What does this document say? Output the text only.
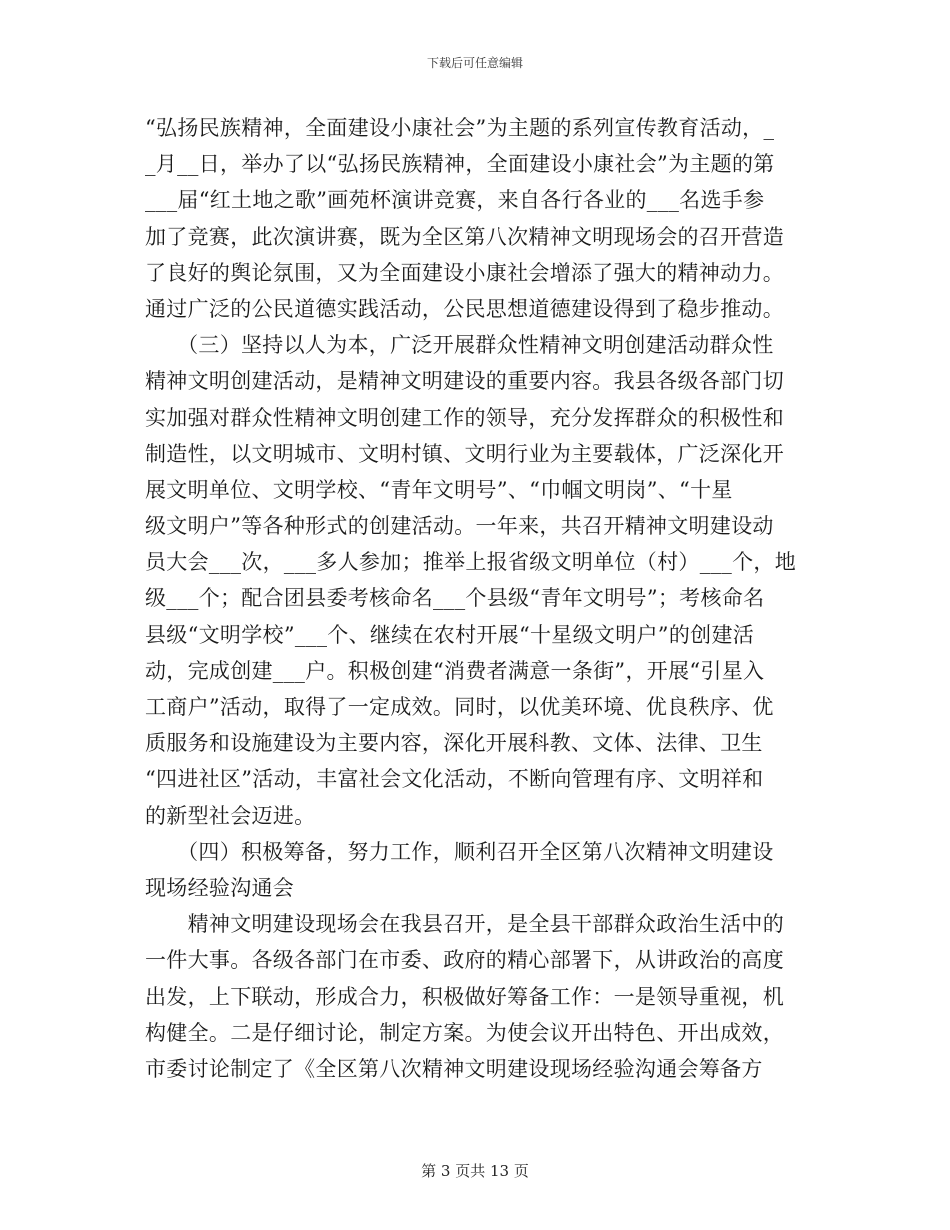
下载后可任意编辑
“弘扬民族精神，全面建设小康社会”为主题的系列宣传教育活动，_
_月__日，举办了以“弘扬民族精神，全面建设小康社会”为主题的第
___届“红土地之歌”画苑杯演讲竞赛，来自各行各业的___名选手参
加了竞赛，此次演讲赛，既为全区第八次精神文明现场会的召开营造
了良好的舆论氛围，又为全面建设小康社会增添了强大的精神动力。
通过广泛的公民道德实践活动，公民思想道德建设得到了稳步推动。
　　（三）坚持以人为本，广泛开展群众性精神文明创建活动群众性
精神文明创建活动，是精神文明建设的重要内容。我县各级各部门切
实加强对群众性精神文明创建工作的领导，充分发挥群众的积极性和
制造性，以文明城市、文明村镇、文明行业为主要载体，广泛深化开
展文明单位、文明学校、“青年文明号”、“巾帼文明岗”、“十星
级文明户”等各种形式的创建活动。一年来，共召开精神文明建设动
员大会___次，___多人参加；推举上报省级文明单位（村）___个，地
级___个；配合团县委考核命名___个县级“青年文明号”；考核命名
县级“文明学校”___个、继续在农村开展“十星级文明户”的创建活
动，完成创建___户。积极创建“消费者满意一条街”，开展“引星入
工商户”活动，取得了一定成效。同时，以优美环境、优良秩序、优
质服务和设施建设为主要内容，深化开展科教、文体、法律、卫生
“四进社区”活动，丰富社会文化活动，不断向管理有序、文明祥和
的新型社会迈进。
　　（四）积极筹备，努力工作，顺利召开全区第八次精神文明建设
现场经验沟通会
　　精神文明建设现场会在我县召开，是全县干部群众政治生活中的
一件大事。各级各部门在市委、政府的精心部署下，从讲政治的高度
出发，上下联动，形成合力，积极做好筹备工作：一是领导重视，机
构健全。二是仔细讨论，制定方案。为使会议开出特色、开出成效，
市委讨论制定了《全区第八次精神文明建设现场经验沟通会筹备方
第 3 页共 13 页
